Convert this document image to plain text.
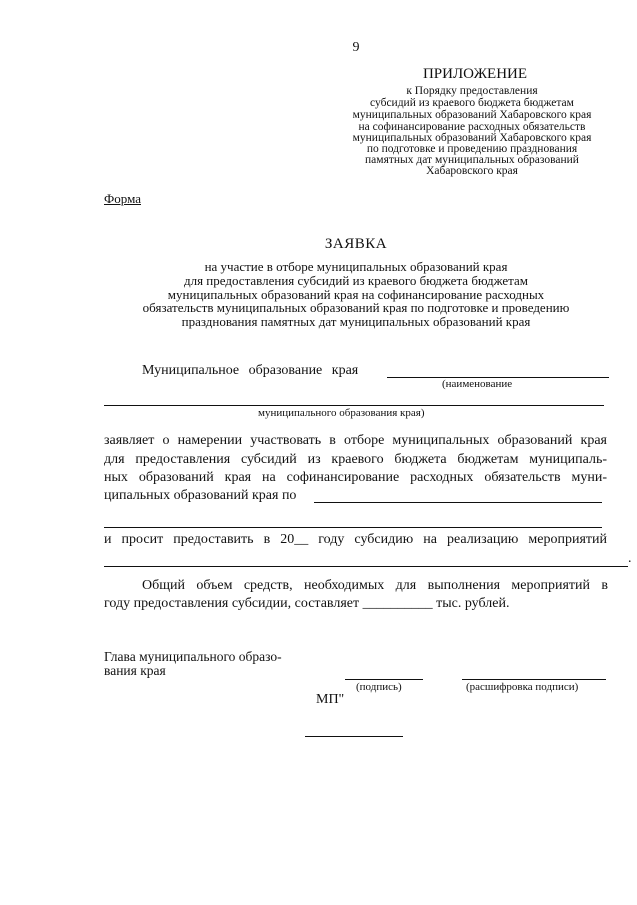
9
ПРИЛОЖЕНИЕ
к Порядку предоставления
субсидий из краевого бюджета бюджетам
муниципальных образований Хабаровского края
на софинансирование расходных обязательств
муниципальных образований Хабаровского края
по подготовке и проведению празднования
памятных дат муниципальных образований
Хабаровского края
Форма
ЗАЯВКА
на участие в отборе муниципальных образований края
для предоставления субсидий из краевого бюджета бюджетам
муниципальных образований края на софинансирование расходных
обязательств муниципальных образований края по подготовке и проведению
празднования памятных дат муниципальных образований края
Муниципальное образование края
(наименование
муниципального образования края)
заявляет о намерении участвовать в отборе муниципальных образований края
для предоставления субсидий из краевого бюджета бюджетам муниципаль-
ных образований края на софинансирование расходных обязательств муни-
ципальных образований края по
и просит предоставить в 20__ году субсидию на реализацию мероприятий
.
Общий объем средств, необходимых для выполнения мероприятий в
году предоставления субсидии, составляет __________ тыс. рублей.
Глава муниципального образо-
вания края
(подпись)	(расшифровка подписи)
МП"
